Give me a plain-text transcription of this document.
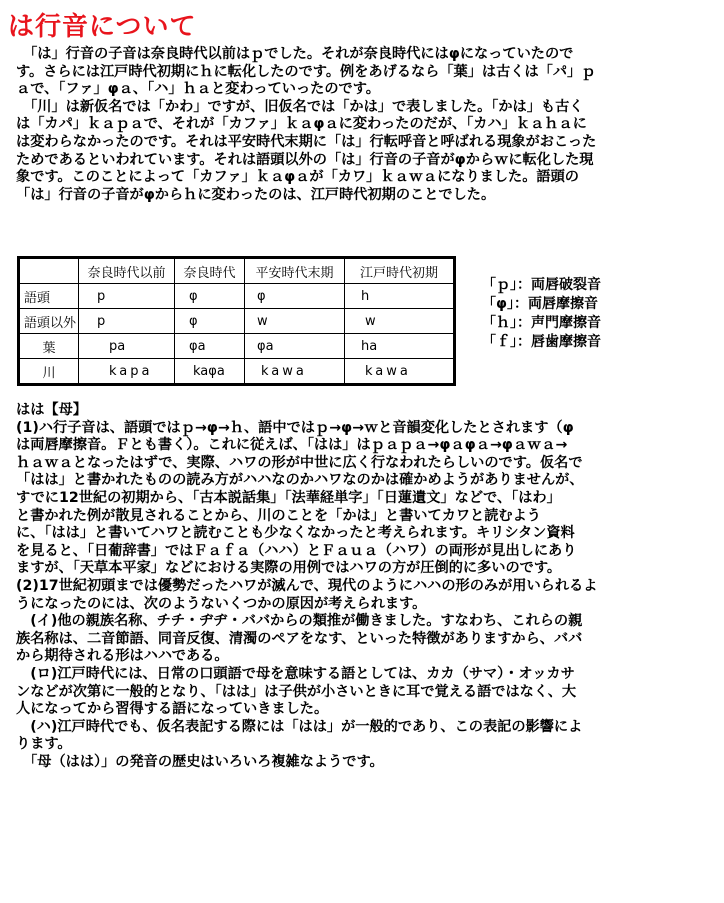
は行音について
　「は」行音の子音は奈良時代以前はｐでした。それが奈良時代にはφになっていたので
す。さらには江戸時代初期にｈに転化したのです。例をあげるなら「葉」は古くは「パ」ｐ
ａで、「ファ」φａ、「ハ」ｈａと変わっていったのです。
　「川」は新仮名では「かわ」ですが、旧仮名では「かは」で表しました。「かは」も古く
は「カパ」ｋａｐａで、それが「カファ」ｋａφａに変わったのだが、「カハ」ｋａｈａに
は変わらなかったのです。それは平安時代末期に「は」行転呼音と呼ばれる現象がおこった
ためであるといわれています。それは語頭以外の「は」行音の子音がφからｗに転化した現
象です。このことによって「カファ」ｋａφａが「カワ」ｋａｗａになりました。語頭の
「は」行音の子音がφからｈに変わったのは、江戸時代初期のことでした。
	奈良時代以前	奈良時代	平安時代末期	江戸時代初期
語頭	p	φ	φ	h
語頭以外	p	φ	w	w
葉	pa	φa	φa	ha
川	kapa	kaφa	kawa	kawa
「ｐ」：両唇破裂音
「φ」：両唇摩擦音
「ｈ」：声門摩擦音
「ｆ」：唇歯摩擦音
はは【母】
(1)ハ行子音は、語頭ではｐ→φ→ｈ、語中ではｐ→φ→ｗと音韻変化したとされます（φ
は両唇摩擦音。Ｆとも書く）。これに従えば、「はは」はｐａｐａ→φａφａ→φａｗａ→
ｈａｗａとなったはずで、実際、ハワの形が中世に広く行なわれたらしいのです。仮名で
「はは」と書かれたものの読み方がハハなのかハワなのかは確かめようがありませんが、
すでに12世紀の初期から、「古本説話集」「法華経単字」「日蓮遺文」などで、「はわ」
と書かれた例が散見されることから、川のことを「かは」と書いてカワと読むよう
に、「はは」と書いてハワと読むことも少なくなかったと考えられます。キリシタン資料
を見ると、「日葡辞書」ではＦａｆａ（ハハ）とＦａｕａ（ハワ）の両形が見出しにあり
ますが、「天草本平家」などにおける実際の用例ではハワの方が圧倒的に多いのです。
(2)17世紀初頭までは優勢だったハワが滅んで、現代のようにハハの形のみが用いられるよ
うになったのには、次のようないくつかの原因が考えられます。
　(イ)他の親族名称、チチ・ヂヂ・ババからの類推が働きました。すなわち、これらの親
族名称は、二音節語、同音反復、清濁のペアをなす、といった特徴がありますから、ババ
から期待される形はハハである。
　(ロ)江戸時代には、日常の口頭語で母を意味する語としては、カカ（サマ）・オッカサ
ンなどが次第に一般的となり、「はは」は子供が小さいときに耳で覚える語ではなく、大
人になってから習得する語になっていきました。
　(ハ)江戸時代でも、仮名表記する際には「はは」が一般的であり、この表記の影響によ
ります。
　「母（はは）」の発音の歴史はいろいろ複雑なようです。
